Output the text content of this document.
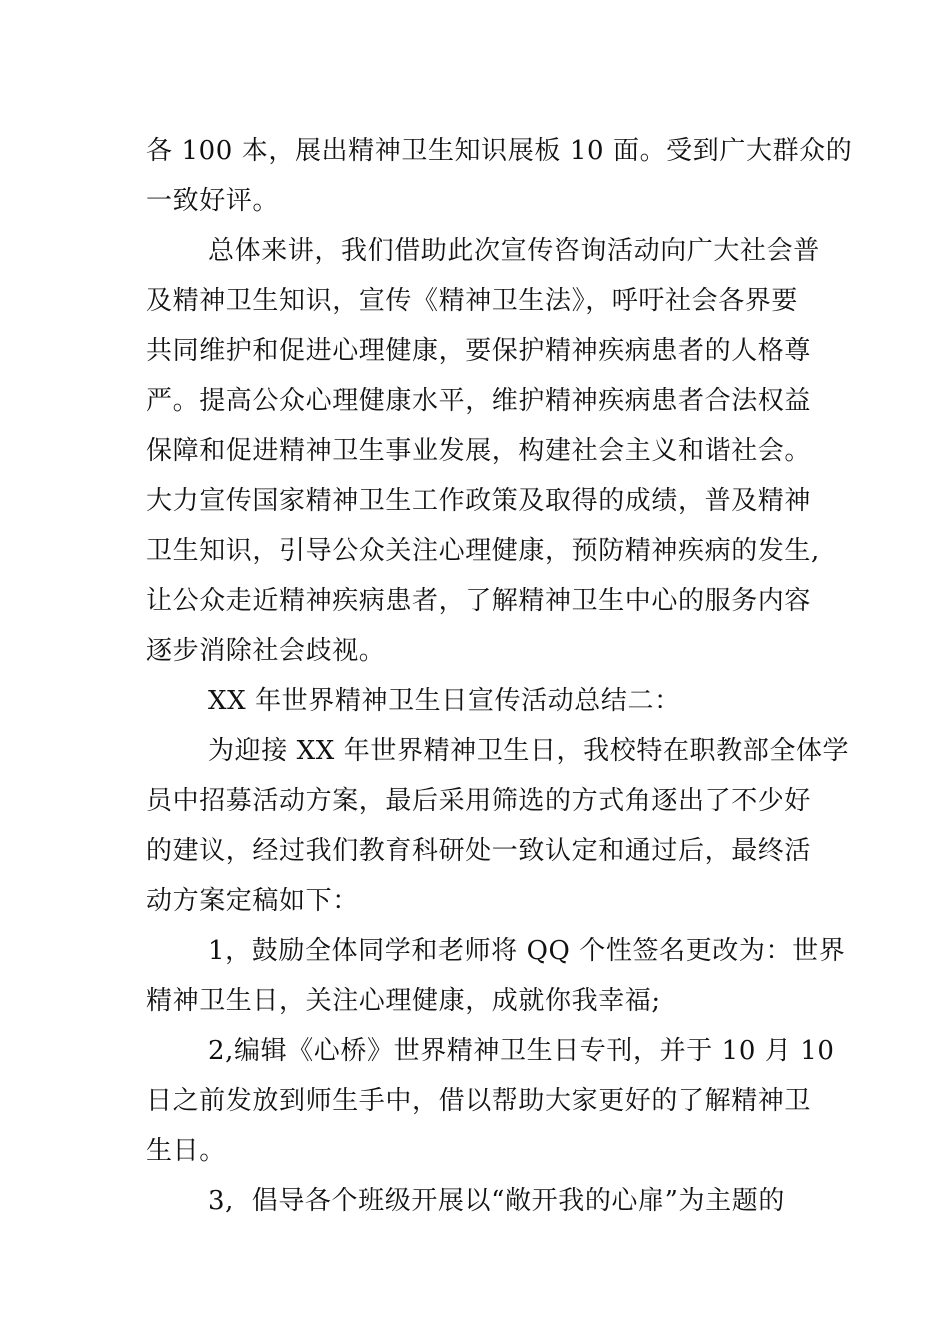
各 100 本，展出精神卫生知识展板 10 面。受到广大群众的
一致好评。
总体来讲，我们借助此次宣传咨询活动向广大社会普
及精神卫生知识，宣传《精神卫生法》，呼吁社会各界要
共同维护和促进心理健康，要保护精神疾病患者的人格尊
严。提高公众心理健康水平，维护精神疾病患者合法权益
保障和促进精神卫生事业发展，构建社会主义和谐社会。
大力宣传国家精神卫生工作政策及取得的成绩，普及精神
卫生知识，引导公众关注心理健康，预防精神疾病的发生,
让公众走近精神疾病患者，了解精神卫生中心的服务内容
逐步消除社会歧视。
XX 年世界精神卫生日宣传活动总结二：
为迎接 XX 年世界精神卫生日，我校特在职教部全体学
员中招募活动方案，最后采用筛选的方式角逐出了不少好
的建议，经过我们教育科研处一致认定和通过后，最终活
动方案定稿如下：
1，鼓励全体同学和老师将 QQ 个性签名更改为：世界
精神卫生日，关注心理健康，成就你我幸福;
2,编辑《心桥》世界精神卫生日专刊，并于 10 月 10
日之前发放到师生手中，借以帮助大家更好的了解精神卫
生日。
3,  倡导各个班级开展以“敞开我的心扉”为主题的
